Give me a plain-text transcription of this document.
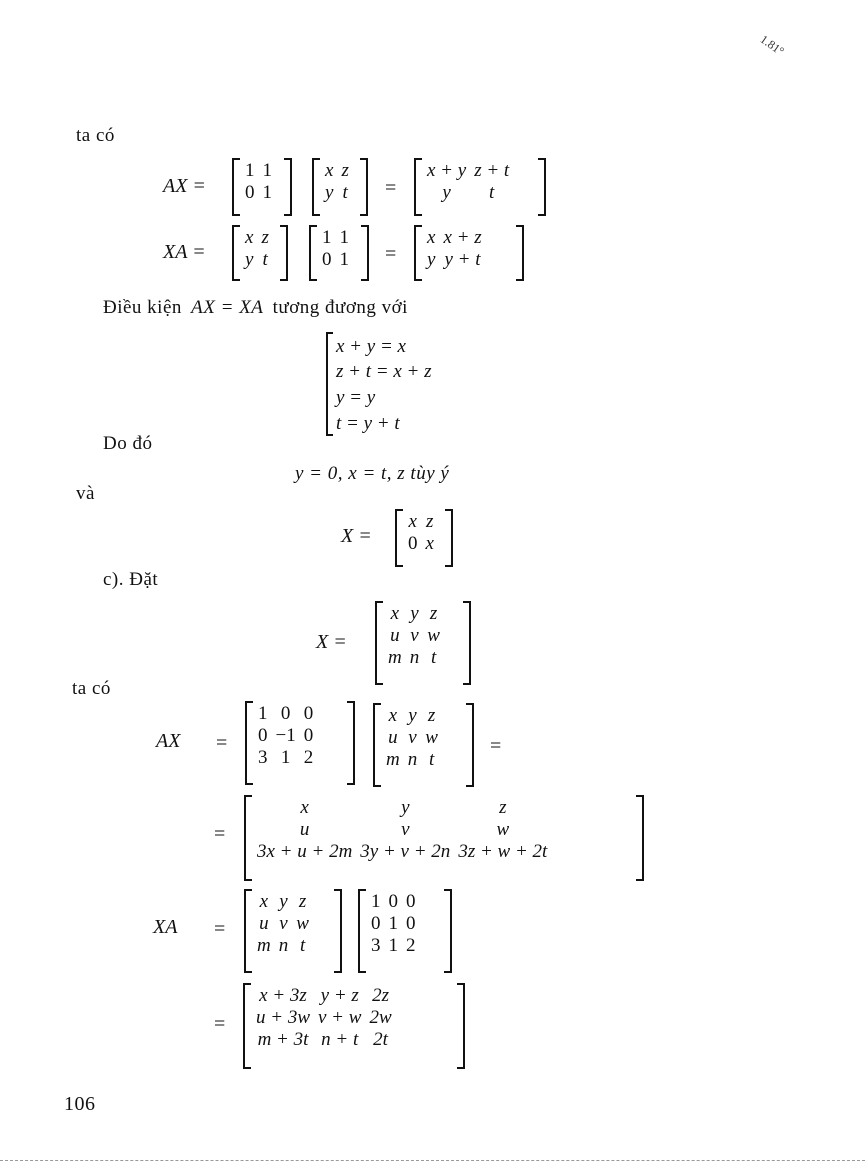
1.81°
ta có
AX =
1	1
0	1
x	z
y	t =
x + y	z + t
y	t
XA =
x	z
y	t
1	1
0	1 =
x	x + z
y	y + t
Điều kiện AX = XA tương đương với
x + y = x
z + t = x + z
y = y
t = y + t
Do đó
y = 0, x = t, z tùy ý
và
X =
x	z
0	x
c). Đặt
X =
x	y	z
u	v	w
m	n	t
ta có
AX =
1	0	0
0	−1	0
3	1	2
x	y	z
u	v	w
m	n	t
=
=
x	y	z
u	v	w
3x + u + 2m	3y + v + 2n	3z + w + 2t
XA =
x	y	z
u	v	w
m	n	t
1	0	0
0	1	0
3	1	2
=
x + 3z	y + z	2z
u + 3w	v + w	2w
m + 3t	n + t	2t
106
